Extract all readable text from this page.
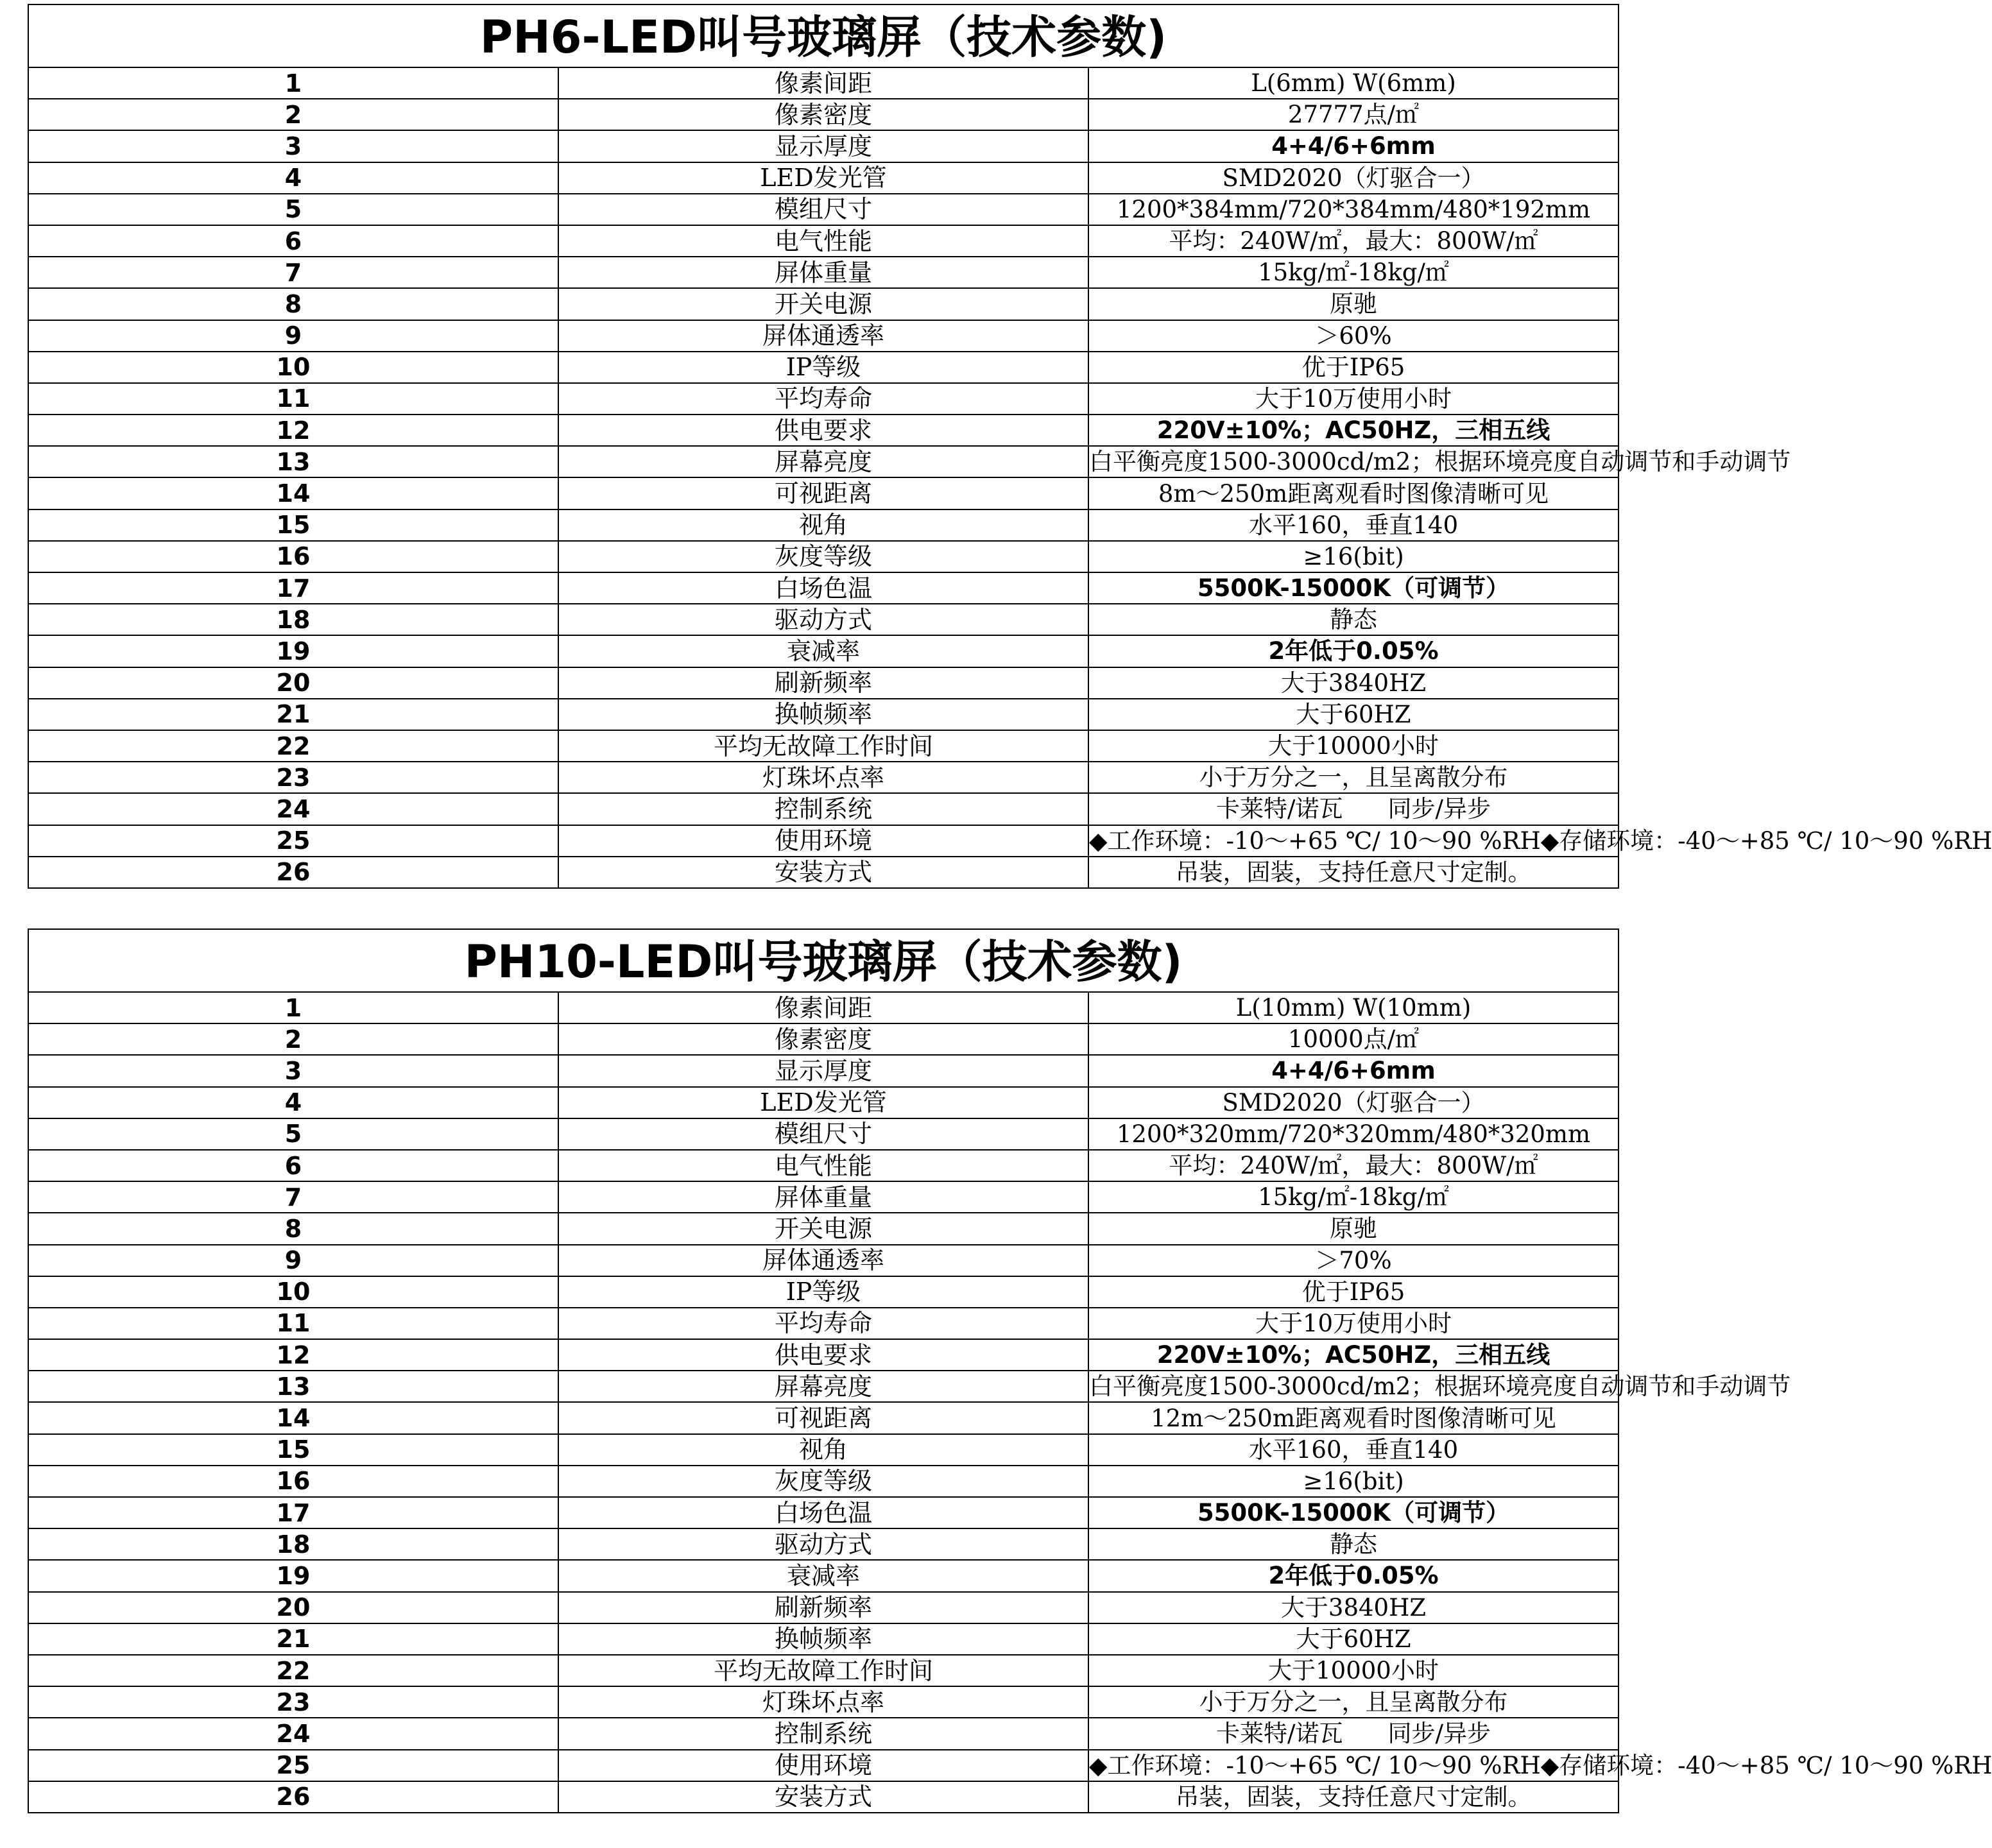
PH6-LED叫号玻璃屏（技术参数)		
1	像素间距	L(6mm) W(6mm)
2	像素密度	27777点/㎡
3	显示厚度	4+4/6+6mm
4	LED发光管	SMD2020（灯驱合一）
5	模组尺寸	1200*384mm/720*384mm/480*192mm
6	电气性能	平均：240W/㎡，最大：800W/㎡
7	屏体重量	15kg/㎡-18kg/㎡
8	开关电源	原驰
9	屏体通透率	＞60%
10	IP等级	优于IP65
11	平均寿命	大于10万使用小时
12	供电要求	220V±10%；AC50HZ，三相五线
13	屏幕亮度	白平衡亮度1500-3000cd/m2；根据环境亮度自动调节和手动调节
14	可视距离	8m～250m距离观看时图像清晰可见
15	视角	水平160，垂直140
16	灰度等级	≥16(bit)
17	白场色温	5500K-15000K（可调节）
18	驱动方式	静态
19	衰减率	2年低于0.05%
20	刷新频率	大于3840HZ
21	换帧频率	大于60HZ
22	平均无故障工作时间	大于10000小时
23	灯珠坏点率	小于万分之一，且呈离散分布
24	控制系统	卡莱特/诺瓦 同步/异步
25	使用环境	◆工作环境：-10～+65 ℃/ 10～90 %RH◆存储环境：-40～+85 ℃/ 10～90 %RH
26	安装方式	吊装，固装，支持任意尺寸定制。
PH10-LED叫号玻璃屏（技术参数)		
1	像素间距	L(10mm) W(10mm)
2	像素密度	10000点/㎡
3	显示厚度	4+4/6+6mm
4	LED发光管	SMD2020（灯驱合一）
5	模组尺寸	1200*320mm/720*320mm/480*320mm
6	电气性能	平均：240W/㎡，最大：800W/㎡
7	屏体重量	15kg/㎡-18kg/㎡
8	开关电源	原驰
9	屏体通透率	＞70%
10	IP等级	优于IP65
11	平均寿命	大于10万使用小时
12	供电要求	220V±10%；AC50HZ，三相五线
13	屏幕亮度	白平衡亮度1500-3000cd/m2；根据环境亮度自动调节和手动调节
14	可视距离	12m～250m距离观看时图像清晰可见
15	视角	水平160，垂直140
16	灰度等级	≥16(bit)
17	白场色温	5500K-15000K（可调节）
18	驱动方式	静态
19	衰减率	2年低于0.05%
20	刷新频率	大于3840HZ
21	换帧频率	大于60HZ
22	平均无故障工作时间	大于10000小时
23	灯珠坏点率	小于万分之一，且呈离散分布
24	控制系统	卡莱特/诺瓦 同步/异步
25	使用环境	◆工作环境：-10～+65 ℃/ 10～90 %RH◆存储环境：-40～+85 ℃/ 10～90 %RH
26	安装方式	吊装，固装，支持任意尺寸定制。
